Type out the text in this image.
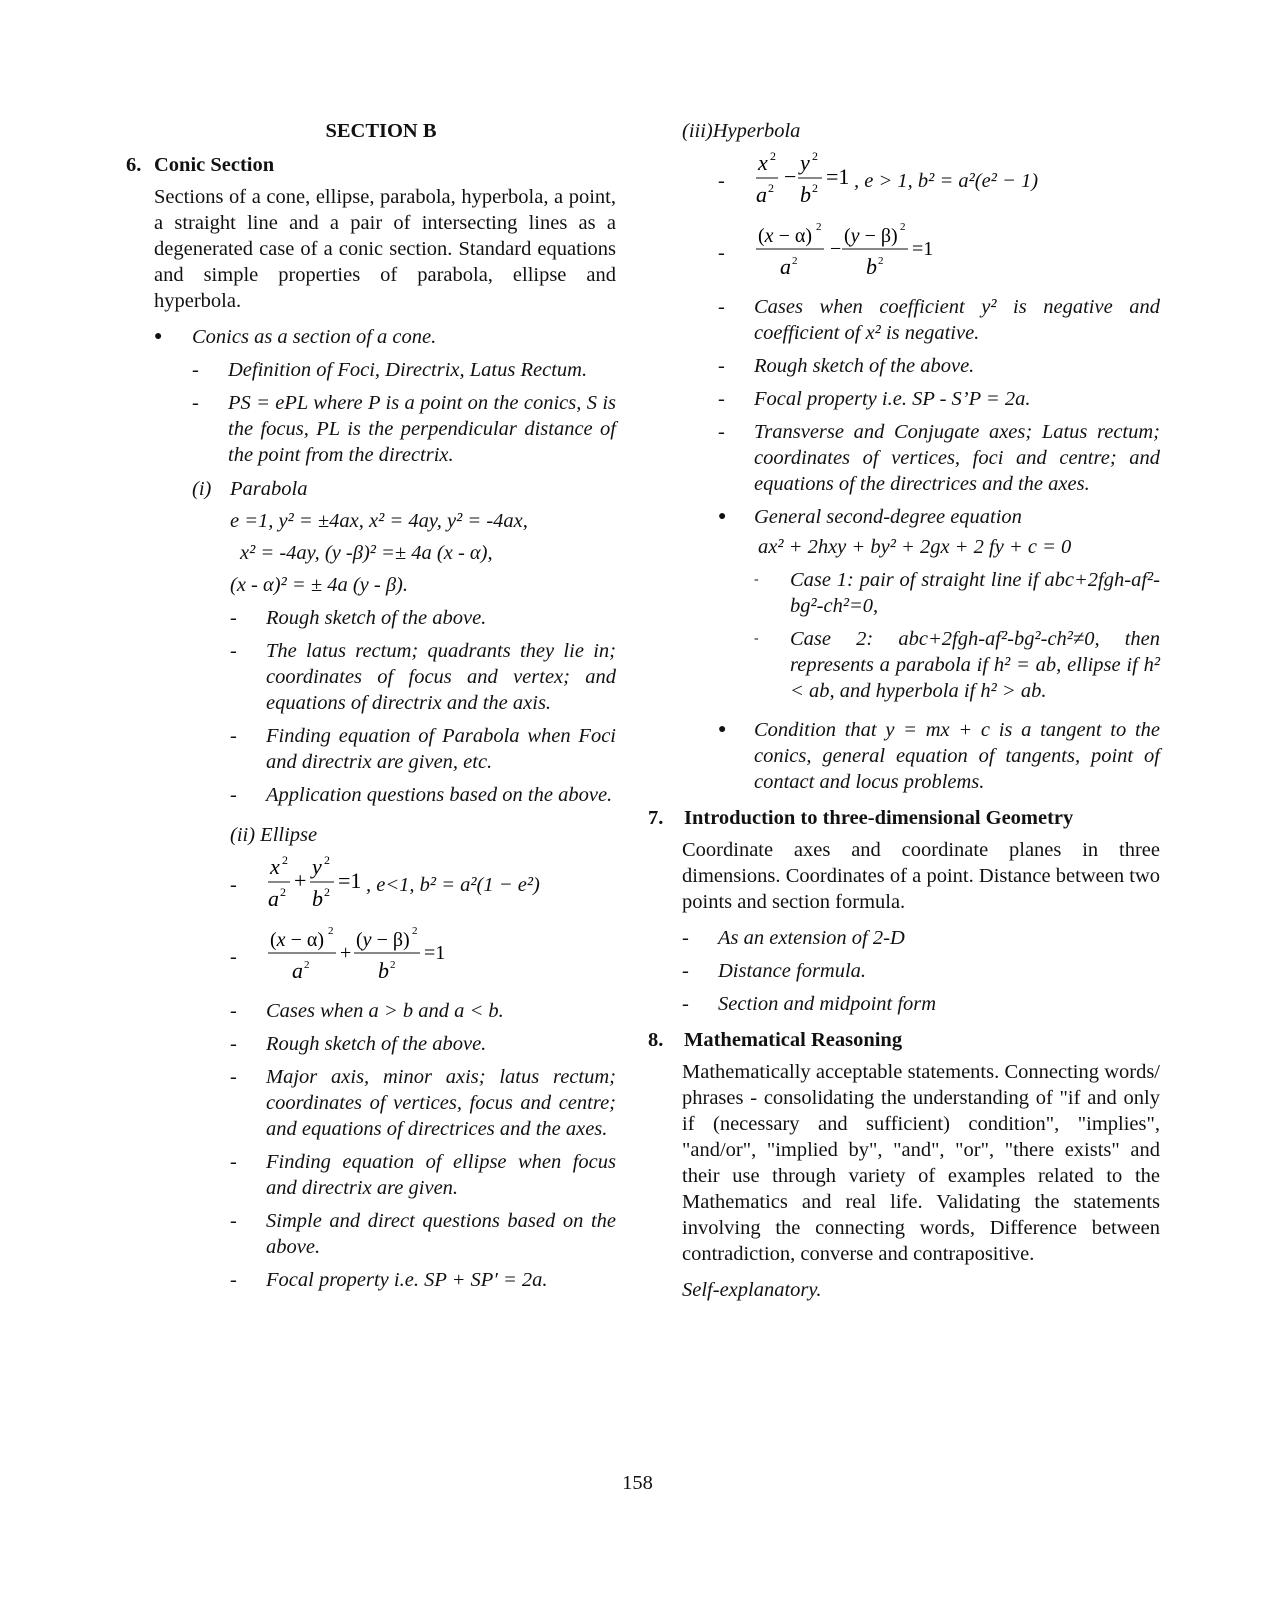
SECTION B
6. Conic Section
Sections of a cone, ellipse, parabola, hyperbola, a point, a straight line and a pair of intersecting lines as a degenerated case of a conic section. Standard equations and simple properties of parabola, ellipse and hyperbola.
●	Conics as a section of a cone.
-	Definition of Foci, Directrix, Latus Rectum.
-	PS = ePL where P is a point on the conics, S is the focus, PL is the perpendicular distance of the point from the directrix.
(i) Parabola
e =1, y² = ±4ax, x² = 4ay, y² = -4ax,
x² = -4ay, (y -β)² =± 4a (x - α),
(x - α)² = ± 4a (y - β).
-	Rough sketch of the above.
-	The latus rectum; quadrants they lie in; coordinates of focus and vertex; and equations of directrix and the axis.
-	Finding equation of Parabola when Foci and directrix are given, etc.
-	Application questions based on the above.
(ii)
Ellipse
-
x 2
a 2 +
y 2
b 2 =1 , e<1, b² = a²(1 − e²)
-
(x − α) 2
a 2
+
(y − β) 2
b 2
=1
-	Cases when a > b and a < b.
-	Rough sketch of the above.
-	Major axis, minor axis; latus rectum; coordinates of vertices, focus and centre; and equations of directrices and the axes.
-	Finding equation of ellipse when focus and directrix are given.
-	Simple and direct questions based on the above.
-	Focal property i.e. SP + SP′ = 2a.
(iii) Hyperbola
-
x 2
a 2 −
y 2
b 2 =1 , e > 1, b² = a²(e² − 1)
-
(x − α) 2
a 2
−
(y − β) 2
b 2
=1
-	Cases when coefficient y² is negative and coefficient of x² is negative.
-	Rough sketch of the above.
-	Focal property i.e. SP - S’P = 2a.
-	Transverse and Conjugate axes; Latus rectum; coordinates of vertices, foci and centre; and equations of the directrices and the axes.
●	General second-degree equation
ax² + 2hxy + by² + 2gx + 2 fy + c = 0
-	Case 1: pair of straight line if abc+2fgh-af²-bg²-ch²=0,
-	Case 2: abc+2fgh-af²-bg²-ch²≠0, then represents a parabola if h² = ab, ellipse if h² < ab, and hyperbola if h² > ab.
●	Condition that y = mx + c is a tangent to the conics, general equation of tangents, point of contact and locus problems.
7.	Introduction to three-dimensional Geometry
Coordinate axes and coordinate planes in three dimensions. Coordinates of a point. Distance between two points and section formula.
-	As an extension of 2-D
-	Distance formula.
-	Section and midpoint form
8.	Mathematical Reasoning
Mathematically acceptable statements. Connecting words/ phrases - consolidating the understanding of "if and only if (necessary and sufficient) condition", "implies", "and/or", "implied by", "and", "or", "there exists" and their use through variety of examples related to the Mathematics and real life. Validating the statements involving the connecting words, Difference between contradiction, converse and contrapositive.
Self-explanatory.
158
